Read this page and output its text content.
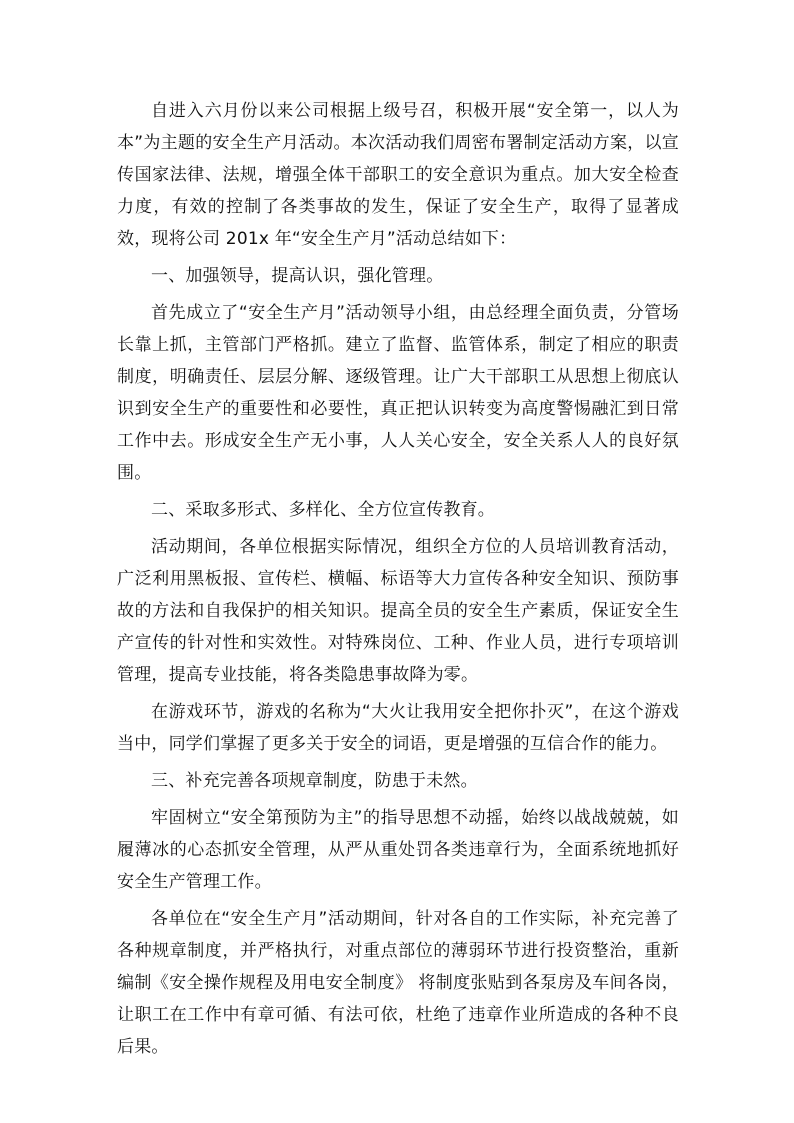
自进入六月份以来公司根据上级号召，积极开展“安全第一，以人为本”为主题的安全生产月活动。本次活动我们周密布署制定活动方案，以宣传国家法律、法规，增强全体干部职工的安全意识为重点。加大安全检查力度，有效的控制了各类事故的发生，保证了安全生产，取得了显著成效，现将公司 201x 年“安全生产月”活动总结如下：

一、加强领导，提高认识，强化管理。

首先成立了“安全生产月”活动领导小组，由总经理全面负责，分管场长靠上抓，主管部门严格抓。建立了监督、监管体系，制定了相应的职责制度，明确责任、层层分解、逐级管理。让广大干部职工从思想上彻底认识到安全生产的重要性和必要性，真正把认识转变为高度警惕融汇到日常工作中去。形成安全生产无小事，人人关心安全，安全关系人人的良好氛围。

二、采取多形式、多样化、全方位宣传教育。

活动期间，各单位根据实际情况，组织全方位的人员培训教育活动，广泛利用黑板报、宣传栏、横幅、标语等大力宣传各种安全知识、预防事故的方法和自我保护的相关知识。提高全员的安全生产素质，保证安全生产宣传的针对性和实效性。对特殊岗位、工种、作业人员，进行专项培训管理，提高专业技能，将各类隐患事故降为零。

在游戏环节，游戏的名称为“大火让我用安全把你扑灭”，在这个游戏当中，同学们掌握了更多关于安全的词语，更是增强的互信合作的能力。

三、补充完善各项规章制度，防患于未然。

牢固树立“安全第预防为主”的指导思想不动摇，始终以战战兢兢，如履薄冰的心态抓安全管理，从严从重处罚各类违章行为，全面系统地抓好安全生产管理工作。

各单位在“安全生产月”活动期间，针对各自的工作实际，补充完善了各种规章制度，并严格执行，对重点部位的薄弱环节进行投资整治，重新编制《安全操作规程及用电安全制度》 将制度张贴到各泵房及车间各岗，让职工在工作中有章可循、有法可依，杜绝了违章作业所造成的各种不良后果。
